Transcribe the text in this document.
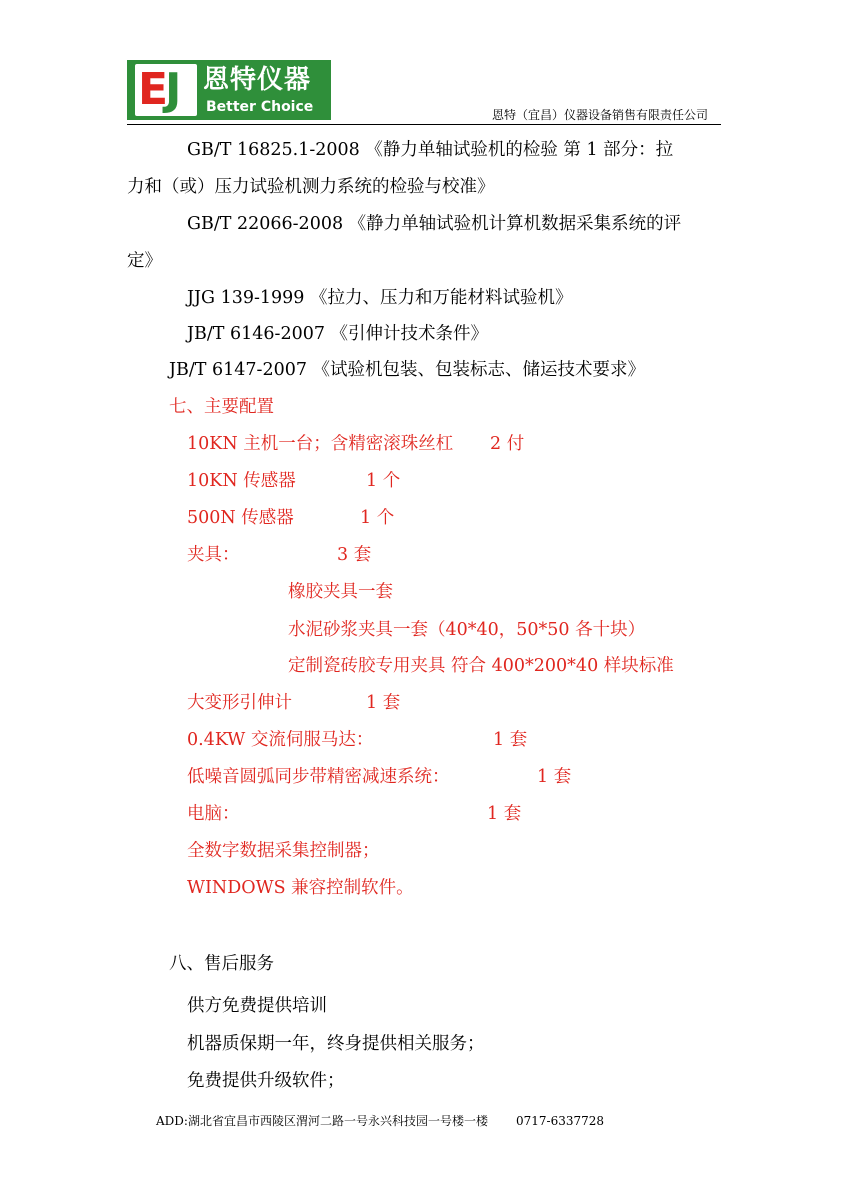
E
J 恩特仪器
Better Choice	恩特（宜昌）仪器设备销售有限责任公司
GB/T 16825.1-2008 《静力单轴试验机的检验 第 1 部分：拉
力和（或）压力试验机测力系统的检验与校准》
GB/T 22066-2008 《静力单轴试验机计算机数据采集系统的评
定》
JJG 139-1999 《拉力、压力和万能材料试验机》
JB/T 6146-2007 《引伸计技术条件》
JB/T 6147-2007 《试验机包装、包装标志、储运技术要求》
七、主要配置
10KN 主机一台；含精密滚珠丝杠 2 付
10KN 传感器	1 个
500N 传感器	1 个
夹具：	3 套
橡胶夹具一套
水泥砂浆夹具一套（40*40，50*50 各十块）
定制瓷砖胶专用夹具 符合 400*200*40 样块标准
大变形引伸计	1 套
0.4KW 交流伺服马达：	1 套
低噪音圆弧同步带精密减速系统：	1 套
电脑：	1 套
全数字数据采集控制器；
WINDOWS 兼容控制软件。
八、售后服务
供方免费提供培训
机器质保期一年，终身提供相关服务；
免费提供升级软件；
ADD:湖北省宜昌市西陵区渭河二路一号永兴科技园一号楼一楼 0717-6337728
